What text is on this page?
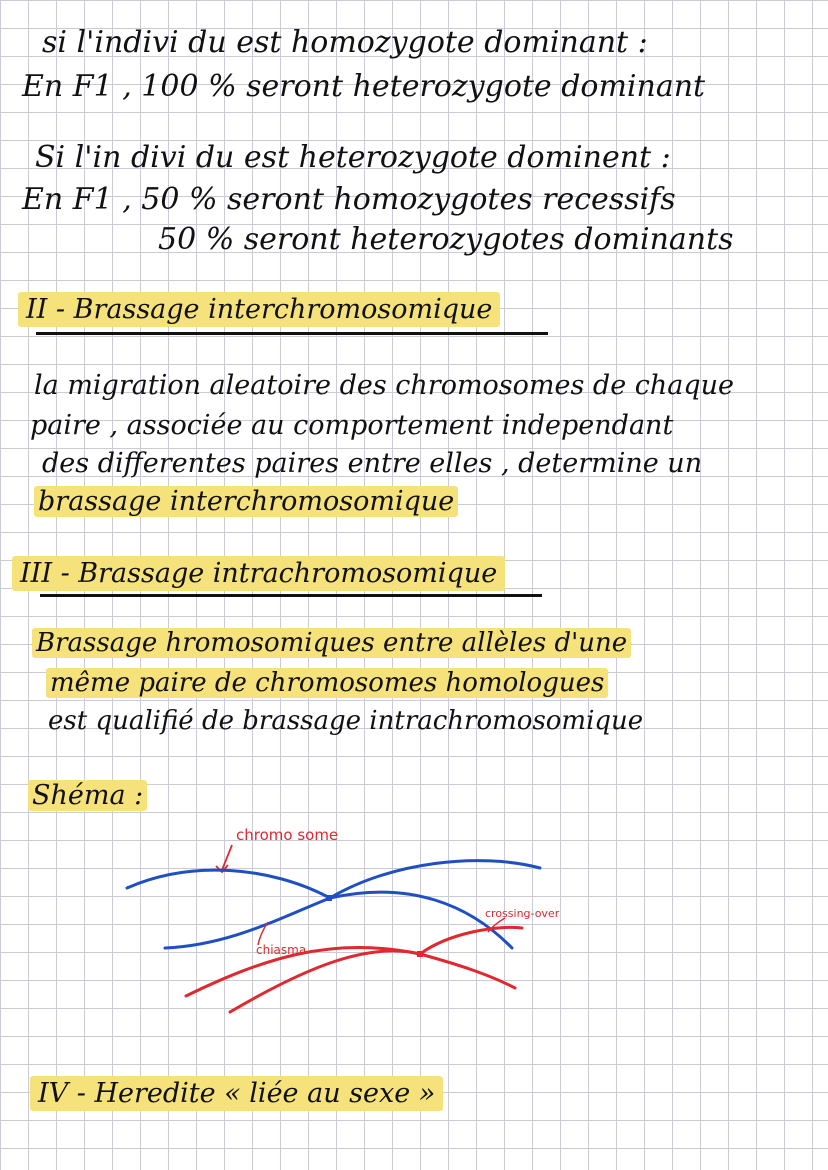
si l'indivi du est homozygote dominant :
En F1 , 100 % seront heterozygote dominant
Si l'in divi du est heterozygote dominent :
En F1 , 50 % seront homozygotes recessifs
50 % seront heterozygotes dominants
II - Brassage interchromosomique
la migration aleatoire des chromosomes de chaque
paire , associée au comportement independant
des differentes paires entre elles , determine un
brassage interchromosomique
III - Brassage intrachromosomique
Brassage hromosomiques entre allèles d'une
même paire de chromosomes homologues
est qualifié de brassage intrachromosomique
Shéma :
chromo some
chiasma
crossing-over
IV - Heredite « liée au sexe »
